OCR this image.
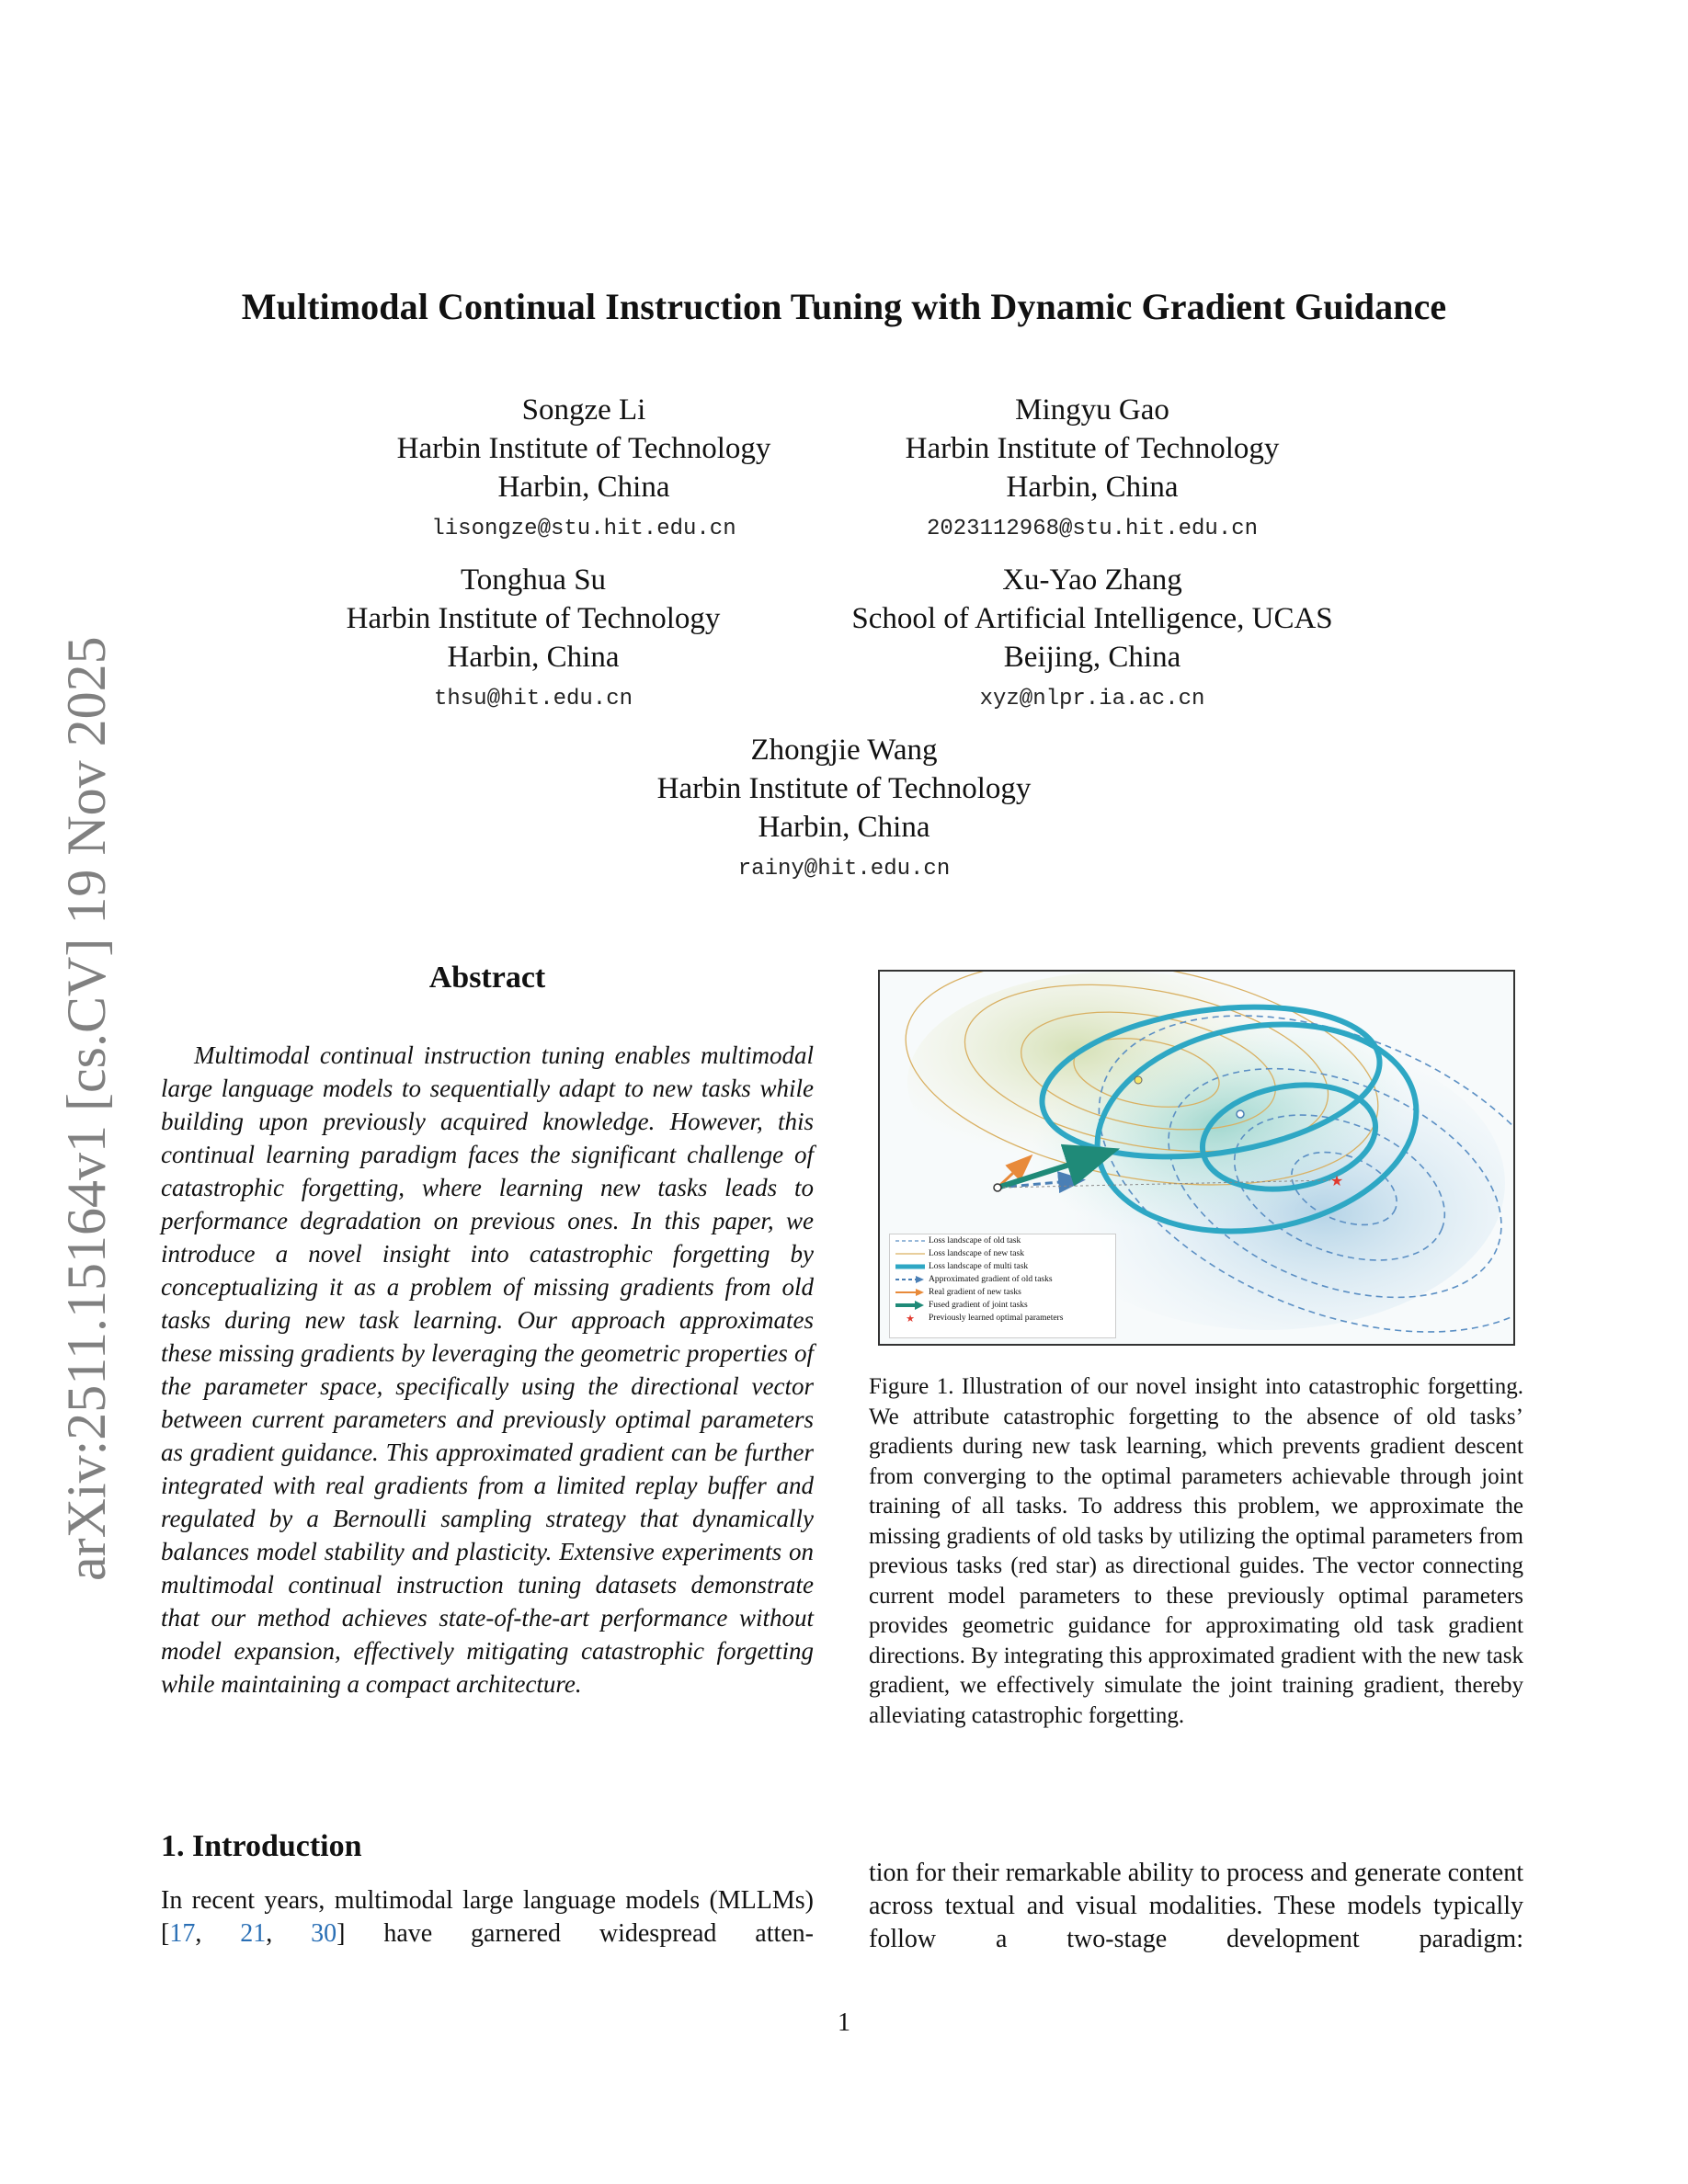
Multimodal Continual Instruction Tuning with Dynamic Gradient Guidance
arXiv:2511.15164v1 [cs.CV] 19 Nov 2025
Songze Li
Harbin Institute of Technology
Harbin, China
lisongze@stu.hit.edu.cn
Mingyu Gao
Harbin Institute of Technology
Harbin, China
2023112968@stu.hit.edu.cn
Tonghua Su
Harbin Institute of Technology
Harbin, China
thsu@hit.edu.cn
Xu-Yao Zhang
School of Artificial Intelligence, UCAS
Beijing, China
xyz@nlpr.ia.ac.cn
Zhongjie Wang
Harbin Institute of Technology
Harbin, China
rainy@hit.edu.cn
Abstract
Multimodal continual instruction tuning enables multimodal large language models to sequentially adapt to new tasks while building upon previously acquired knowledge. However, this continual learning paradigm faces the significant challenge of catastrophic forgetting, where learning new tasks leads to performance degradation on previous ones. In this paper, we introduce a novel insight into catastrophic forgetting by conceptualizing it as a problem of missing gradients from old tasks during new task learning. Our approach approximates these missing gradients by leveraging the geometric properties of the parameter space, specifically using the directional vector between current parameters and previously optimal parameters as gradient guidance. This approximated gradient can be further integrated with real gradients from a limited replay buffer and regulated by a Bernoulli sampling strategy that dynamically balances model stability and plasticity. Extensive experiments on multimodal continual instruction tuning datasets demonstrate that our method achieves state-of-the-art performance without model expansion, effectively mitigating catastrophic forgetting while maintaining a compact architecture.
★
Loss landscape of old task
Loss landscape of new task
Loss landscape of multi task
Approximated gradient of old tasks
Real gradient of new tasks
Fused gradient of joint tasks
★ Previously learned optimal parameters
Figure 1. Illustration of our novel insight into catastrophic forgetting. We attribute catastrophic forgetting to the absence of old tasks’ gradients during new task learning, which prevents gradient descent from converging to the optimal parameters achievable through joint training of all tasks. To address this problem, we approximate the missing gradients of old tasks by utilizing the optimal parameters from previous tasks (red star) as directional guides. The vector connecting current model parameters to these previously optimal parameters provides geometric guidance for approximating old task gradient directions. By integrating this approximated gradient with the new task gradient, we effectively simulate the joint training gradient, thereby alleviating catastrophic forgetting.
1. Introduction
In recent years, multimodal large language models (MLLMs) [17, 21, 30] have garnered widespread atten-
tion for their remarkable ability to process and generate content across textual and visual modalities. These models typically follow a two-stage development paradigm:
1
